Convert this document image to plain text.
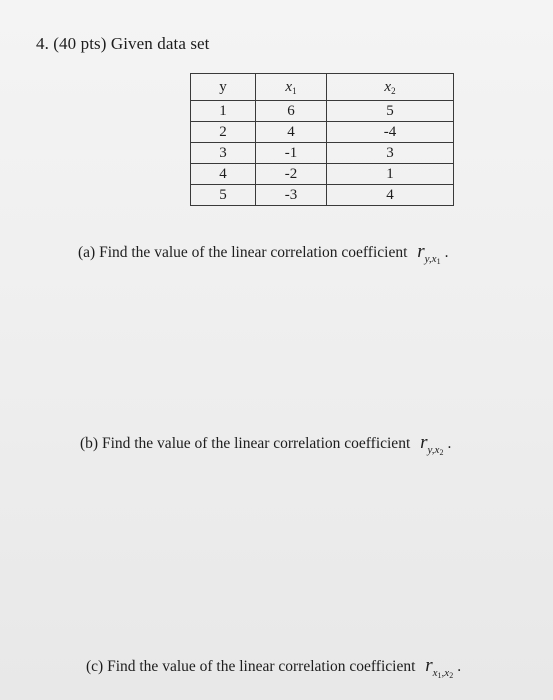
4. (40 pts) Given data set
y	$x_1$	$x_2$
1	6	5
2	4	-4
3	-1	3
4	-2	1
5	-3	4
(a) Find the value of the linear correlation coefficient $r_{y,x1}$.
(b) Find the value of the linear correlation coefficient $r_{y,x2}$.
(c) Find the value of the linear correlation coefficient $r_{x1,x2}$.
